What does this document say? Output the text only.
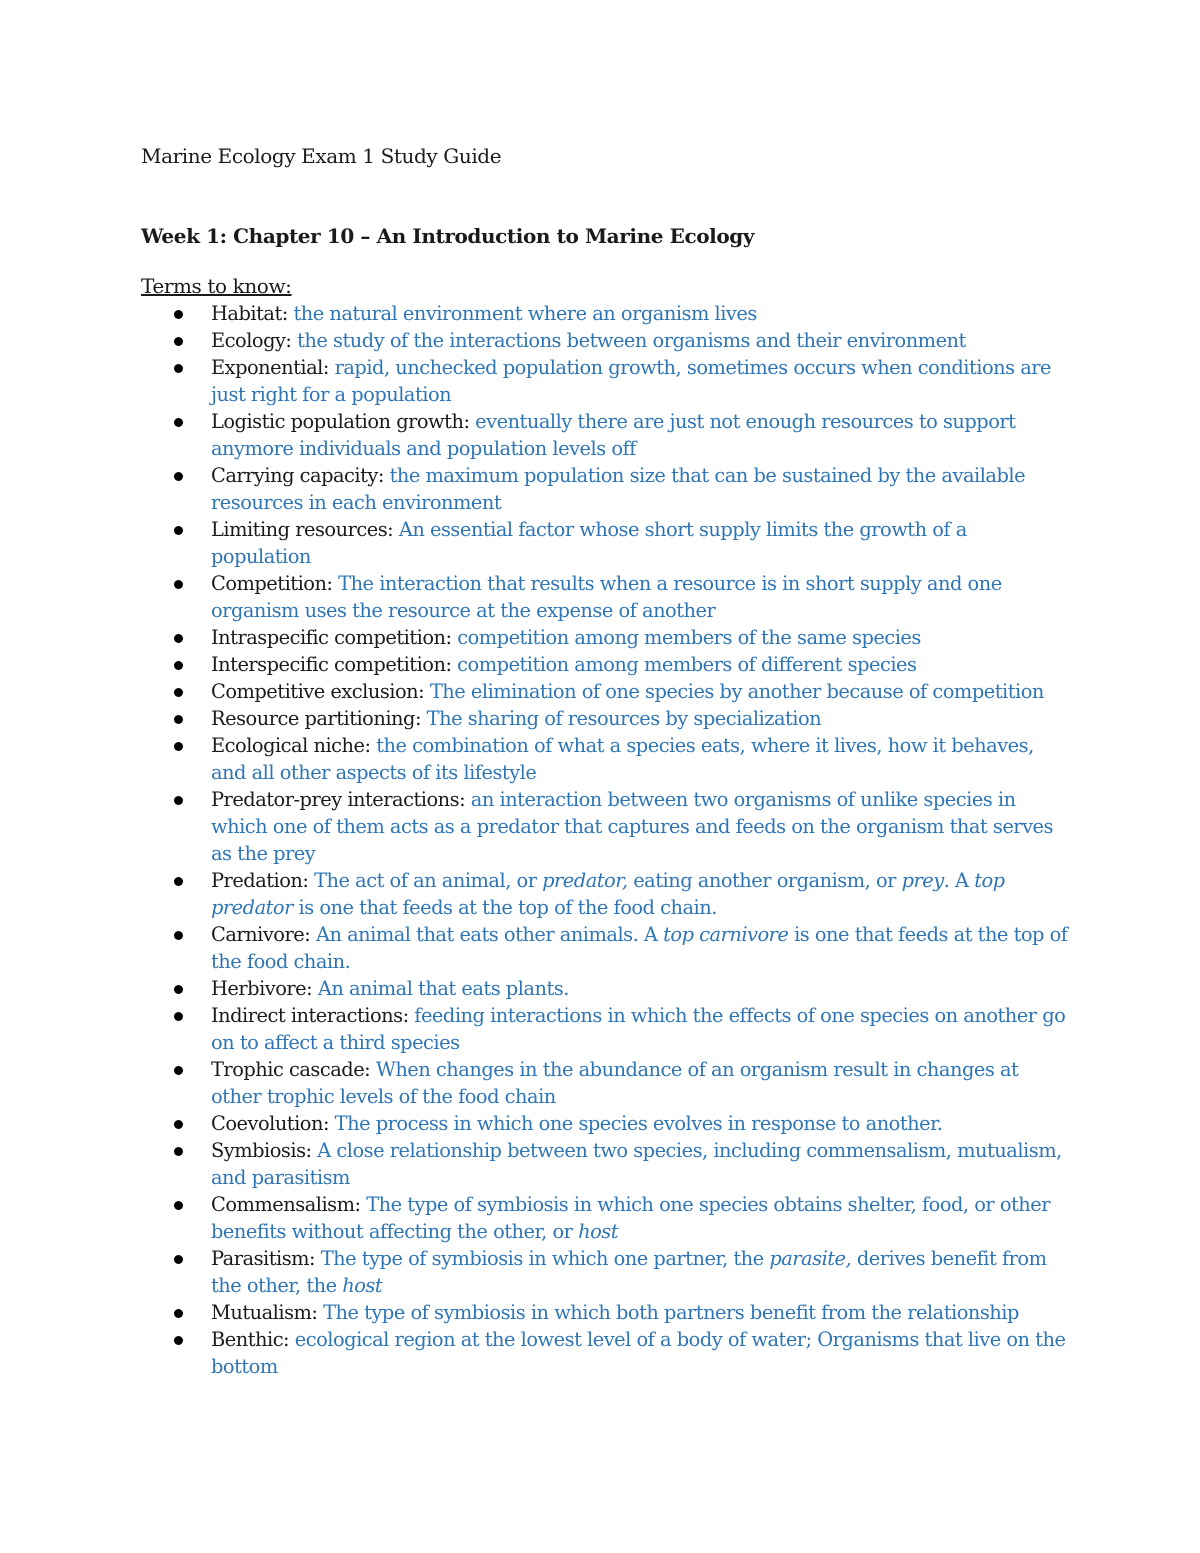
Marine Ecology Exam 1 Study Guide

Week 1: Chapter 10 – An Introduction to Marine Ecology

Terms to know:

Habitat: the natural environment where an organism lives
Ecology: the study of the interactions between organisms and their environment
Exponential: rapid, unchecked population growth, sometimes occurs when conditions are just right for a population
Logistic population growth: eventually there are just not enough resources to support anymore individuals and population levels off
Carrying capacity: the maximum population size that can be sustained by the available resources in each environment
Limiting resources: An essential factor whose short supply limits the growth of a population
Competition: The interaction that results when a resource is in short supply and one organism uses the resource at the expense of another
Intraspecific competition: competition among members of the same species
Interspecific competition: competition among members of different species
Competitive exclusion: The elimination of one species by another because of competition
Resource partitioning: The sharing of resources by specialization
Ecological niche: the combination of what a species eats, where it lives, how it behaves, and all other aspects of its lifestyle
Predator-prey interactions: an interaction between two organisms of unlike species in which one of them acts as a predator that captures and feeds on the organism that serves as the prey
Predation: The act of an animal, or predator, eating another organism, or prey. A top predator is one that feeds at the top of the food chain.
Carnivore: An animal that eats other animals. A top carnivore is one that feeds at the top of the food chain.
Herbivore: An animal that eats plants.
Indirect interactions: feeding interactions in which the effects of one species on another go on to affect a third species
Trophic cascade: When changes in the abundance of an organism result in changes at other trophic levels of the food chain
Coevolution: The process in which one species evolves in response to another.
Symbiosis: A close relationship between two species, including commensalism, mutualism, and parasitism
Commensalism: The type of symbiosis in which one species obtains shelter, food, or other benefits without affecting the other, or host
Parasitism: The type of symbiosis in which one partner, the parasite, derives benefit from the other, the host
Mutualism: The type of symbiosis in which both partners benefit from the relationship
Benthic: ecological region at the lowest level of a body of water; Organisms that live on the bottom
